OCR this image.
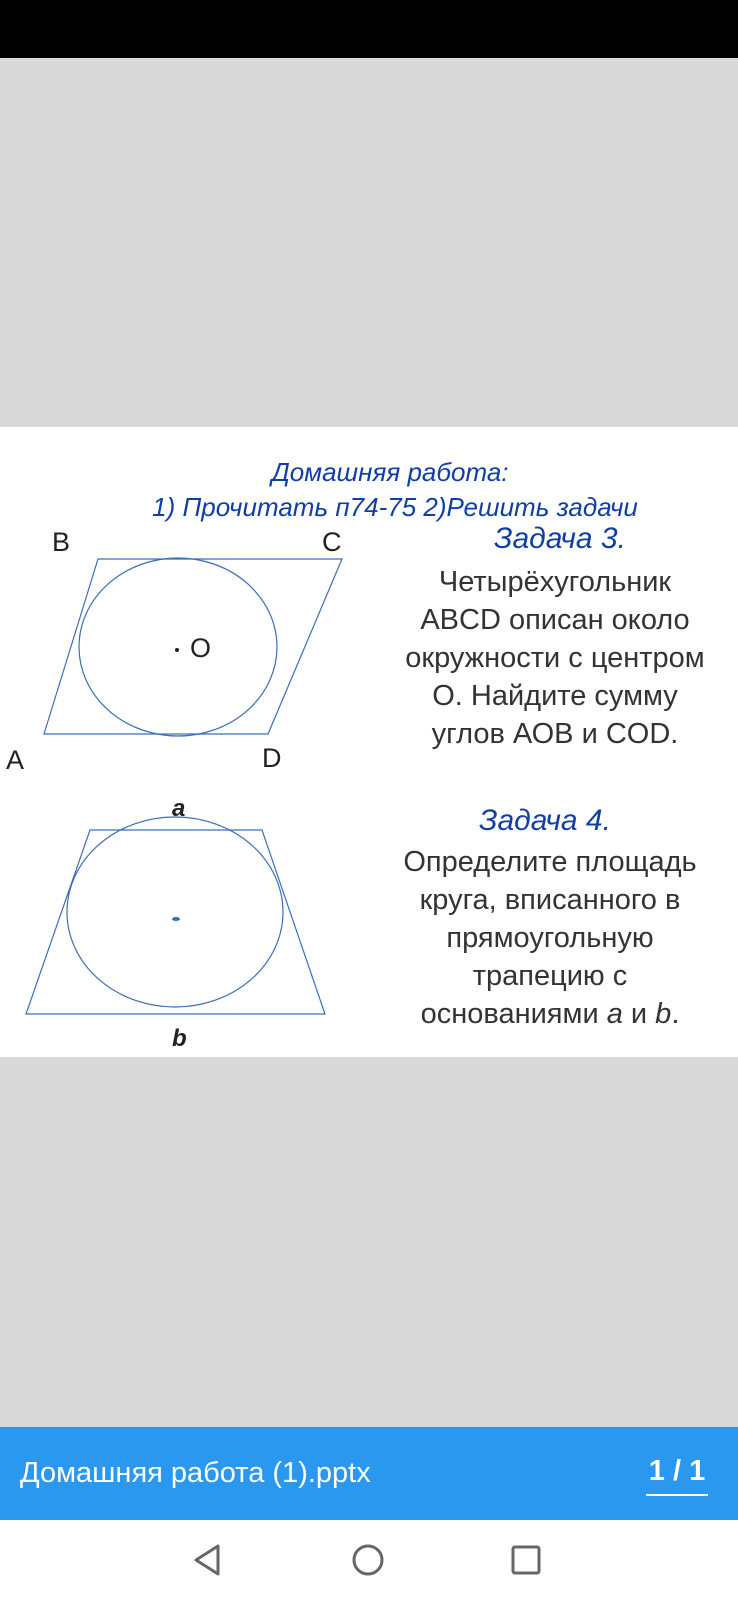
Домашняя работа:

1) Прочитать п74-75 2)Решить задачи

B	C
A	D
O
a
b

Задача 3.

Четырёхугольник
ABCD описан около
окружности с центром
О. Найдите сумму
углов АОВ и COD.

Задача 4.

Определите площадь
круга, вписанного в
прямоугольную
трапецию с
основаниями a и b.
Домашняя работа (1).pptx	1 / 1
